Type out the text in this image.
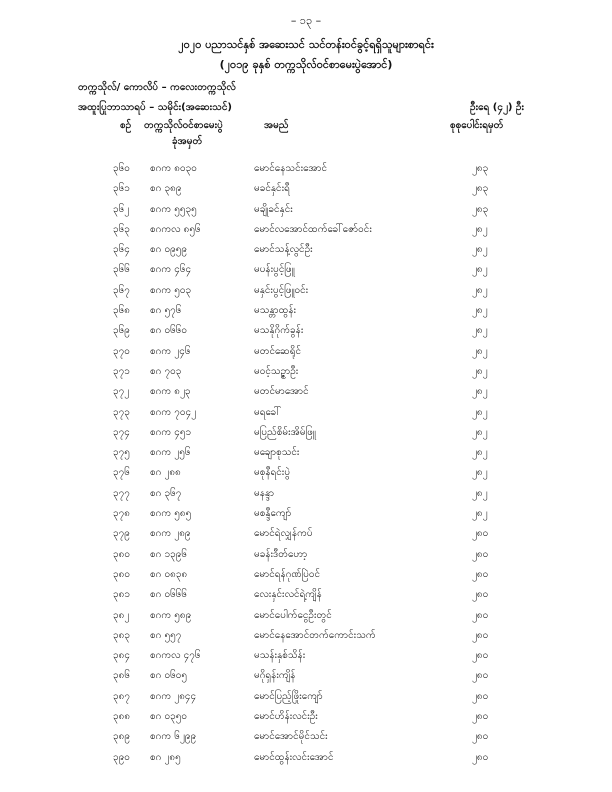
– ၁၃ –
၂၀၂၀ ပညာသင်နှစ် အဆေးသင် သင်တန်းဝင်ခွင့်ရရှိသူများစာရင်း
(၂၀၁၉ ခုနှစ် တက္ကသိုလ်ဝင်စာမေးပွဲအောင်)
တက္ကသိုလ်/ ကောလိပ် – ကလေးတက္ကသိုလ်
အထူးပြုဘာသာရပ် – သမိုင်း(အဆေးသင်)	ဦးရေ (၄၂) ဦး
စဉ် တက္ကသိုလ်ဝင်စာမေးပွဲ
ခုံအမှတ်
အမည်	စုစုပေါင်းရမှတ်
၃၆၀ စဂက ၈၀၃၀	မောင်နေသင်းအောင်	၂၈၃
၃၆၁ စဂ ၃၈၉	မခင်နှင်းရီ	၂၈၃
၃၆၂ စဂက ၅၅၃၅	မချိုခင်နှင်း	၂၈၃
၃၆၃ စဂကလ ၈၅၆	မောင်လအောင်ထက်ခေါ်ဇော်ဝင်း	၂၈၂
၃၆၄ စဂ ၀၉၅၉	မောင်သန့်လွင်ဦး	၂၈၂
၃၆၆ စဂက ၄၆၄	မပန်းပွင့်ဖြူ	၂၈၂
၃၆၇ စဂက ၅၀၃	မနှင်းပွင့်ဖြူဝင်း	၂၈၂
၃၆၈ စဂ ၅၇၆	မသန္တာထွန်း	၂၈၂
၃၆၉ စဂ ၀၆၆၀	မသနိုဂိုက်ခွန်း	၂၈၂
၃၇၀ စဂက ၂၄၆	မတင်ဆေရိုင်	၂၈၂
၃၇၁ စဂ ၇၀၃	မဝင့်သဉ္ဇာဦး	၂၈၂
၃၇၂ စဂက ၈၂၃	မတင်မာအောင်	၂၈၂
၃၇၃ စဂက ၇၀၄၂	မရခေါ်	၂၈၂
၃၇၄ စဂက ၄၅၁	မပြည်စိမ်းအိမ်ဖြူ	၂၈၂
၃၇၅ စဂက ၂၅၆	မချောစုသင်း	၂၈၂
၃၇၆ စဂ ၂၈၈	မစုနီရင်းပွဲ	၂၈၂
၃၇၇ စဂ ၃၆၇	မနန္ဒာ	၂၈၂
၃၇၈ စဂက ၅၈၅	မစန္ဒီကျော်	၂၈၂
၃၇၉ စဂက ၂၈၉	မောင်ရဲလျှန်ကပ်	၂၈၀
၃၈၀ စဂ ၁၃၉၆	မခန်းဒီတ်ဟော့	၂၈၀
၃၈၀ စဂ ၀၈၃၈	မောင်ရန်ဂုဏ်ပြဲဝင်	၂၈၀
၃၈၁ စဂ ၀၆၆၆	လေးနှင်းလင်ရဲ့ကျိန်	၂၈၀
၃၈၂ စဂက ၅၈၉	မောင်ပေါက်ငွေဦးတွင်	၂၈၀
၃၈၃ စဂ ၅၅၇	မောင်နေအောင်တက်ကောင်းသက်	၂၈၀
၃၈၄ စဂကလ ၄၇၆	မသန်းနှစ်သိန်း	၂၈၀
၃၈၆ စဂ ၀၆၀၅	မဂိုရှန်းကျိန်	၂၈၀
၃၈၇ စဂက ၂၈၄၄	မောင်ပြည့်ဖြိုးကျော်	၂၈၀
၃၈၈ စဂ ၀၃၅၀	မောင်ဟိန်းလင်းဦး	၂၈၀
၃၈၉ စဂက ၆၂၉၉	မောင်အောင်မိုင်သင်း	၂၈၀
၃၉၀ စဂ ၂၈၅	မောင်ထွန်းလင်းအောင်	၂၈၀
